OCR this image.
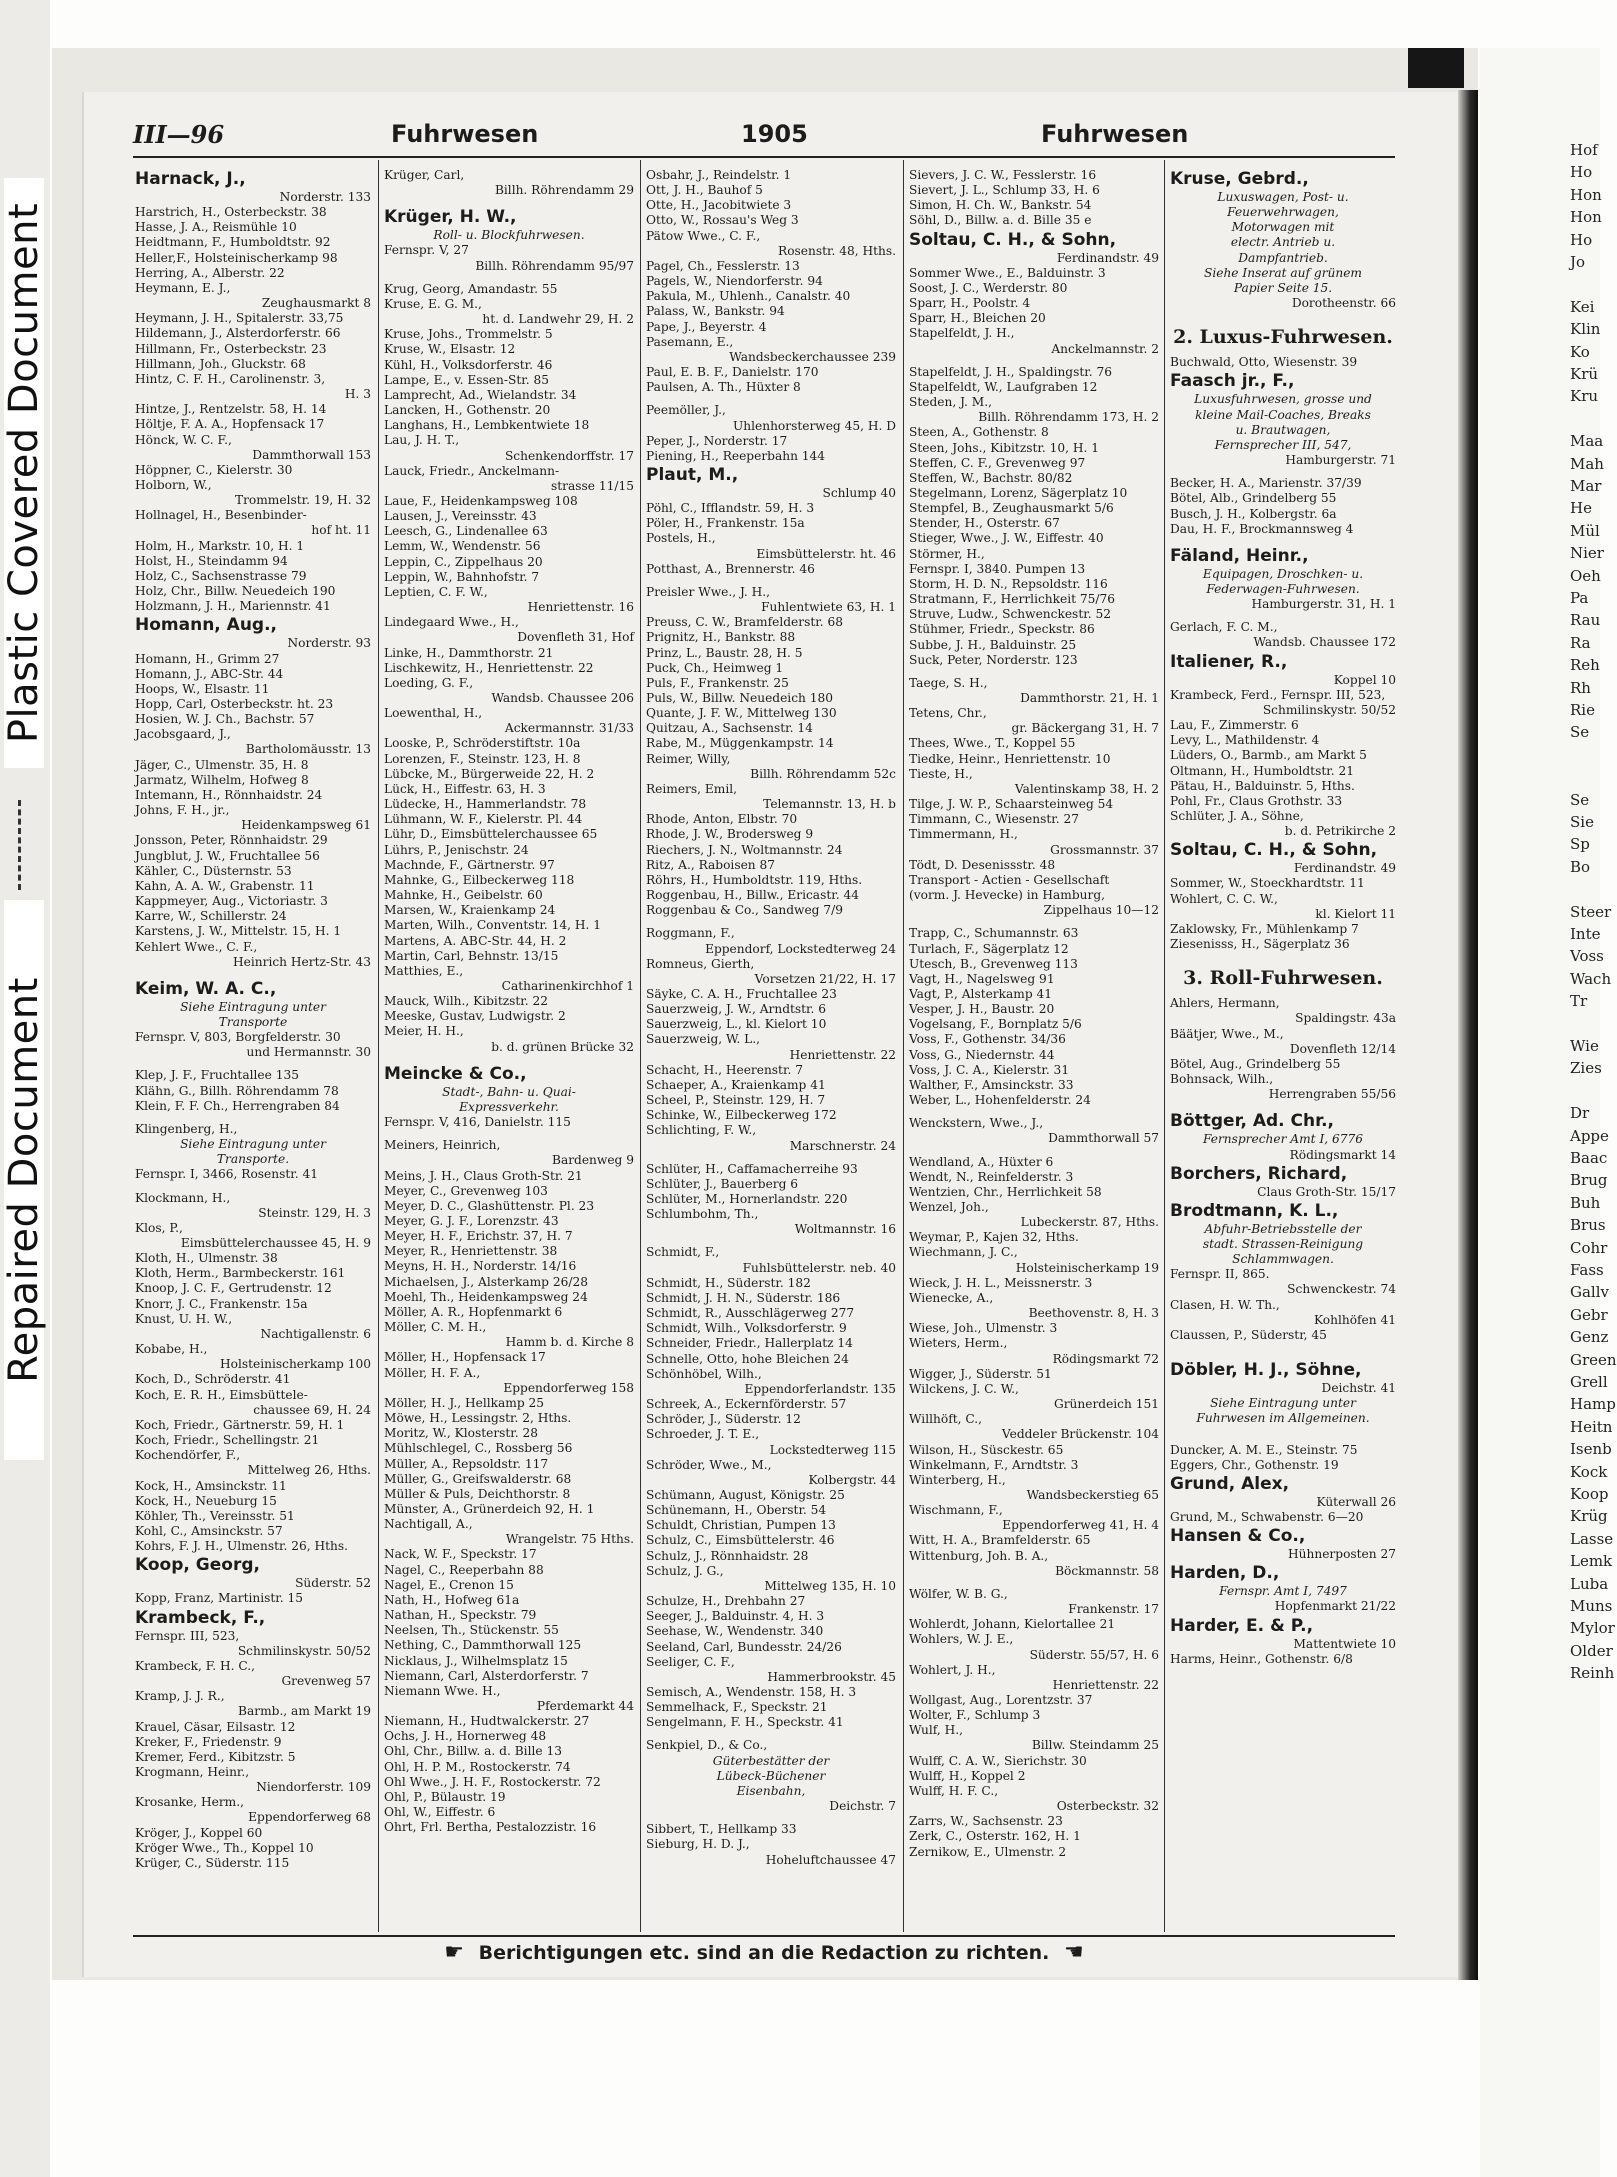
Plastic Covered Document
Repaired Document
Hof
Ho
Hon
Hon
Ho
Jo
Kei
Klin
Ko
Krü
Kru
Maa
Mah
Mar
He
Mül
Nier
Oeh
Pa
Rau
Ra
Reh
Rh
Rie
Se
Se
Sie
Sp
Bo
Steer
Inte
Voss
Wach
Tr
Wie
Zies
Dr
Appe
Baac
Brug
Buh
Brus
Cohr
Fass
Gallv
Gebr
Genz
Green
Grell
Hamp
Heitn
Isenb
Kock
Koop
Krüg
Lasse
Lemk
Luba
Muns
Mylor
Older
Reinh
III—96	Fuhrwesen	1905	Fuhrwesen
Harnack, J.,
Norderstr. 133
Harstrich, H., Osterbeckstr. 38
Hasse, J. A., Reismühle 10
Heidtmann, F., Humboldtstr. 92
Heller,F., Holsteinischerkamp 98
Herring, A., Alberstr. 22
Heymann, E. J.,
Zeughausmarkt 8
Heymann, J. H., Spitalerstr. 33,75
Hildemann, J., Alsterdorferstr. 66
Hillmann, Fr., Osterbeckstr. 23
Hillmann, Joh., Gluckstr. 68
Hintz, C. F. H., Carolinenstr. 3,
H. 3
Hintze, J., Rentzelstr. 58, H. 14
Höltje, F. A. A., Hopfensack 17
Hönck, W. C. F.,
Dammthorwall 153
Höppner, C., Kielerstr. 30
Holborn, W.,
Trommelstr. 19, H. 32
Hollnagel, H., Besenbinder-
hof ht. 11
Holm, H., Markstr. 10, H. 1
Holst, H., Steindamm 94
Holz, C., Sachsenstrasse 79
Holz, Chr., Billw. Neuedeich 190
Holzmann, J. H., Mariennstr. 41
Homann, Aug.,
Norderstr. 93
Homann, H., Grimm 27
Homann, J., ABC-Str. 44
Hoops, W., Elsastr. 11
Hopp, Carl, Osterbeckstr. ht. 23
Hosien, W. J. Ch., Bachstr. 57
Jacobsgaard, J.,
Bartholomäusstr. 13
Jäger, C., Ulmenstr. 35, H. 8
Jarmatz, Wilhelm, Hofweg 8
Intemann, H., Rönnhaidstr. 24
Johns, F. H., jr.,
Heidenkampsweg 61
Jonsson, Peter, Rönnhaidstr. 29
Jungblut, J. W., Fruchtallee 56
Kähler, C., Düsternstr. 53
Kahn, A. A. W., Grabenstr. 11
Kappmeyer, Aug., Victoriastr. 3
Karre, W., Schillerstr. 24
Karstens, J. W., Mittelstr. 15, H. 1
Kehlert Wwe., C. F.,
Heinrich Hertz-Str. 43
Keim, W. A. C.,
Siehe Eintragung unter
Transporte
Fernspr. V, 803, Borgfelderstr. 30
und Hermannstr. 30
Klep, J. F., Fruchtallee 135
Klähn, G., Billh. Röhrendamm 78
Klein, F. F. Ch., Herrengraben 84
Klingenberg, H.,
Siehe Eintragung unter
Transporte.
Fernspr. I, 3466, Rosenstr. 41
Klockmann, H.,
Steinstr. 129, H. 3
Klos, P.,
Eimsbüttelerchaussee 45, H. 9
Kloth, H., Ulmenstr. 38
Kloth, Herm., Barmbeckerstr. 161
Knoop, J. C. F., Gertrudenstr. 12
Knorr, J. C., Frankenstr. 15a
Knust, U. H. W.,
Nachtigallenstr. 6
Kobabe, H.,
Holsteinischerkamp 100
Koch, D., Schröderstr. 41
Koch, E. R. H., Eimsbüttele-
chaussee 69, H. 24
Koch, Friedr., Gärtnerstr. 59, H. 1
Koch, Friedr., Schellingstr. 21
Kochendörfer, F.,
Mittelweg 26, Hths.
Kock, H., Amsinckstr. 11
Kock, H., Neueburg 15
Köhler, Th., Vereinsstr. 51
Kohl, C., Amsinckstr. 57
Kohrs, F. J. H., Ulmenstr. 26, Hths.
Koop, Georg,
Süderstr. 52
Kopp, Franz, Martinistr. 15
Krambeck, F.,
Fernspr. III, 523,
Schmilinskystr. 50/52
Krambeck, F. H. C.,
Grevenweg 57
Kramp, J. J. R.,
Barmb., am Markt 19
Krauel, Cäsar, Eilsastr. 12
Kreker, F., Friedenstr. 9
Kremer, Ferd., Kibitzstr. 5
Krogmann, Heinr.,
Niendorferstr. 109
Krosanke, Herm.,
Eppendorferweg 68
Kröger, J., Koppel 60
Kröger Wwe., Th., Koppel 10
Krüger, C., Süderstr. 115
Krüger, Carl,
Billh. Röhrendamm 29
Krüger, H. W.,
Roll- u. Blockfuhrwesen.
Fernspr. V, 27
Billh. Röhrendamm 95/97
Krug, Georg, Amandastr. 55
Kruse, E. G. M.,
ht. d. Landwehr 29, H. 2
Kruse, Johs., Trommelstr. 5
Kruse, W., Elsastr. 12
Kühl, H., Volksdorferstr. 46
Lampe, E., v. Essen-Str. 85
Lamprecht, Ad., Wielandstr. 34
Lancken, H., Gothenstr. 20
Langhans, H., Lembkentwiete 18
Lau, J. H. T.,
Schenkendorffstr. 17
Lauck, Friedr., Anckelmann-
strasse 11/15
Laue, F., Heidenkampsweg 108
Lausen, J., Vereinsstr. 43
Leesch, G., Lindenallee 63
Lemm, W., Wendenstr. 56
Leppin, C., Zippelhaus 20
Leppin, W., Bahnhofstr. 7
Leptien, C. F. W.,
Henriettenstr. 16
Lindegaard Wwe., H.,
Dovenfleth 31, Hof
Linke, H., Dammthorstr. 21
Lischkewitz, H., Henriettenstr. 22
Loeding, G. F.,
Wandsb. Chaussee 206
Loewenthal, H.,
Ackermannstr. 31/33
Looske, P., Schröderstiftstr. 10a
Lorenzen, F., Steinstr. 123, H. 8
Lübcke, M., Bürgerweide 22, H. 2
Lück, H., Eiffestr. 63, H. 3
Lüdecke, H., Hammerlandstr. 78
Lühmann, W. F., Kielerstr. Pl. 44
Lühr, D., Eimsbüttelerchaussee 65
Lührs, P., Jenischstr. 24
Machnde, F., Gärtnerstr. 97
Mahnke, G., Eilbeckerweg 118
Mahnke, H., Geibelstr. 60
Marsen, W., Kraienkamp 24
Marten, Wilh., Conventstr. 14, H. 1
Martens, A. ABC-Str. 44, H. 2
Martin, Carl, Behnstr. 13/15
Matthies, E.,
Catharinenkirchhof 1
Mauck, Wilh., Kibitzstr. 22
Meeske, Gustav, Ludwigstr. 2
Meier, H. H.,
b. d. grünen Brücke 32
Meincke & Co.,
Stadt-, Bahn- u. Quai-
Expressverkehr.
Fernspr. V, 416, Danielstr. 115
Meiners, Heinrich,
Bardenweg 9
Meins, J. H., Claus Groth-Str. 21
Meyer, C., Grevenweg 103
Meyer, D. C., Glashüttenstr. Pl. 23
Meyer, G. J. F., Lorenzstr. 43
Meyer, H. F., Erichstr. 37, H. 7
Meyer, R., Henriettenstr. 38
Meyns, H. H., Norderstr. 14/16
Michaelsen, J., Alsterkamp 26/28
Moehl, Th., Heidenkampsweg 24
Möller, A. R., Hopfenmarkt 6
Möller, C. M. H.,
Hamm b. d. Kirche 8
Möller, H., Hopfensack 17
Möller, H. F. A.,
Eppendorferweg 158
Möller, H. J., Hellkamp 25
Möwe, H., Lessingstr. 2, Hths.
Moritz, W., Klosterstr. 28
Mühlschlegel, C., Rossberg 56
Müller, A., Repsoldstr. 117
Müller, G., Greifswalderstr. 68
Müller & Puls, Deichthorstr. 8
Münster, A., Grünerdeich 92, H. 1
Nachtigall, A.,
Wrangelstr. 75 Hths.
Nack, W. F., Speckstr. 17
Nagel, C., Reeperbahn 88
Nagel, E., Crenon 15
Nath, H., Hofweg 61a
Nathan, H., Speckstr. 79
Neelsen, Th., Stückenstr. 55
Nething, C., Dammthorwall 125
Nicklaus, J., Wilhelmsplatz 15
Niemann, Carl, Alsterdorferstr. 7
Niemann Wwe. H.,
Pferdemarkt 44
Niemann, H., Hudtwalckerstr. 27
Ochs, J. H., Hornerweg 48
Ohl, Chr., Billw. a. d. Bille 13
Ohl, H. P. M., Rostockerstr. 74
Ohl Wwe., J. H. F., Rostockerstr. 72
Ohl, P., Bülaustr. 19
Ohl, W., Eiffestr. 6
Ohrt, Frl. Bertha, Pestalozzistr. 16
Osbahr, J., Reindelstr. 1
Ott, J. H., Bauhof 5
Otte, H., Jacobitwiete 3
Otto, W., Rossau's Weg 3
Pätow Wwe., C. F.,
Rosenstr. 48, Hths.
Pagel, Ch., Fesslerstr. 13
Pagels, W., Niendorferstr. 94
Pakula, M., Uhlenh., Canalstr. 40
Palass, W., Bankstr. 94
Pape, J., Beyerstr. 4
Pasemann, E.,
Wandsbeckerchaussee 239
Paul, E. B. F., Danielstr. 170
Paulsen, A. Th., Hüxter 8
Peemöller, J.,
Uhlenhorsterweg 45, H. D
Peper, J., Norderstr. 17
Piening, H., Reeperbahn 144
Plaut, M.,
Schlump 40
Pöhl, C., Ifflandstr. 59, H. 3
Pöler, H., Frankenstr. 15a
Postels, H.,
Eimsbüttelerstr. ht. 46
Potthast, A., Brennerstr. 46
Preisler Wwe., J. H.,
Fuhlentwiete 63, H. 1
Preuss, C. W., Bramfelderstr. 68
Prignitz, H., Bankstr. 88
Prinz, L., Baustr. 28, H. 5
Puck, Ch., Heimweg 1
Puls, F., Frankenstr. 25
Puls, W., Billw. Neuedeich 180
Quante, J. F. W., Mittelweg 130
Quitzau, A., Sachsenstr. 14
Rabe, M., Müggenkampstr. 14
Reimer, Willy,
Billh. Röhrendamm 52c
Reimers, Emil,
Telemannstr. 13, H. b
Rhode, Anton, Elbstr. 70
Rhode, J. W., Brodersweg 9
Riechers, J. N., Woltmannstr. 24
Ritz, A., Raboisen 87
Röhrs, H., Humboldtstr. 119, Hths.
Roggenbau, H., Billw., Ericastr. 44
Roggenbau & Co., Sandweg 7/9
Roggmann, F.,
Eppendorf, Lockstedterweg 24
Romneus, Gierth,
Vorsetzen 21/22, H. 17
Säyke, C. A. H., Fruchtallee 23
Sauerzweig, J. W., Arndtstr. 6
Sauerzweig, L., kl. Kielort 10
Sauerzweig, W. L.,
Henriettenstr. 22
Schacht, H., Heerenstr. 7
Schaeper, A., Kraienkamp 41
Scheel, P., Steinstr. 129, H. 7
Schinke, W., Eilbeckerweg 172
Schlichting, F. W.,
Marschnerstr. 24
Schlüter, H., Caffamacherreihe 93
Schlüter, J., Bauerberg 6
Schlüter, M., Hornerlandstr. 220
Schlumbohm, Th.,
Woltmannstr. 16
Schmidt, F.,
Fuhlsbüttelerstr. neb. 40
Schmidt, H., Süderstr. 182
Schmidt, J. H. N., Süderstr. 186
Schmidt, R., Ausschlägerweg 277
Schmidt, Wilh., Volksdorferstr. 9
Schneider, Friedr., Hallerplatz 14
Schnelle, Otto, hohe Bleichen 24
Schönhöbel, Wilh.,
Eppendorferlandstr. 135
Schreek, A., Eckernförderstr. 57
Schröder, J., Süderstr. 12
Schroeder, J. T. E.,
Lockstedterweg 115
Schröder, Wwe., M.,
Kolbergstr. 44
Schümann, August, Königstr. 25
Schünemann, H., Oberstr. 54
Schuldt, Christian, Pumpen 13
Schulz, C., Eimsbüttelerstr. 46
Schulz, J., Rönnhaidstr. 28
Schulz, J. G.,
Mittelweg 135, H. 10
Schulze, H., Drehbahn 27
Seeger, J., Balduinstr. 4, H. 3
Seehase, W., Wendenstr. 340
Seeland, Carl, Bundesstr. 24/26
Seeliger, C. F.,
Hammerbrookstr. 45
Semisch, A., Wendenstr. 158, H. 3
Semmelhack, F., Speckstr. 21
Sengelmann, F. H., Speckstr. 41
Senkpiel, D., & Co.,
Güterbestätter der
Lübeck-Büchener
Eisenbahn,
Deichstr. 7
Sibbert, T., Hellkamp 33
Sieburg, H. D. J.,
Hoheluftchaussee 47
Sievers, J. C. W., Fesslerstr. 16
Sievert, J. L., Schlump 33, H. 6
Simon, H. Ch. W., Bankstr. 54
Söhl, D., Billw. a. d. Bille 35 e
Soltau, C. H., & Sohn,
Ferdinandstr. 49
Sommer Wwe., E., Balduinstr. 3
Soost, J. C., Werderstr. 80
Sparr, H., Poolstr. 4
Sparr, H., Bleichen 20
Stapelfeldt, J. H.,
Anckelmannstr. 2
Stapelfeldt, J. H., Spaldingstr. 76
Stapelfeldt, W., Laufgraben 12
Steden, J. M.,
Billh. Röhrendamm 173, H. 2
Steen, A., Gothenstr. 8
Steen, Johs., Kibitzstr. 10, H. 1
Steffen, C. F., Grevenweg 97
Steffen, W., Bachstr. 80/82
Stegelmann, Lorenz, Sägerplatz 10
Stempfel, B., Zeughausmarkt 5/6
Stender, H., Osterstr. 67
Stieger, Wwe., J. W., Eiffestr. 40
Störmer, H.,
Fernspr. I, 3840. Pumpen 13
Storm, H. D. N., Repsoldstr. 116
Stratmann, F., Herrlichkeit 75/76
Struve, Ludw., Schwenckestr. 52
Stühmer, Friedr., Speckstr. 86
Subbe, J. H., Balduinstr. 25
Suck, Peter, Norderstr. 123
Taege, S. H.,
Dammthorstr. 21, H. 1
Tetens, Chr.,
gr. Bäckergang 31, H. 7
Thees, Wwe., T., Koppel 55
Tiedke, Heinr., Henriettenstr. 10
Tieste, H.,
Valentinskamp 38, H. 2
Tilge, J. W. P., Schaarsteinweg 54
Timmann, C., Wiesenstr. 27
Timmermann, H.,
Grossmannstr. 37
Tödt, D. Desenissstr. 48
Transport - Actien - Gesellschaft
(vorm. J. Hevecke) in Hamburg,
Zippelhaus 10—12
Trapp, C., Schumannstr. 63
Turlach, F., Sägerplatz 12
Utesch, B., Grevenweg 113
Vagt, H., Nagelsweg 91
Vagt, P., Alsterkamp 41
Vesper, J. H., Baustr. 20
Vogelsang, F., Bornplatz 5/6
Voss, F., Gothenstr. 34/36
Voss, G., Niedernstr. 44
Voss, J. C. A., Kielerstr. 31
Walther, F., Amsinckstr. 33
Weber, L., Hohenfelderstr. 24
Wenckstern, Wwe., J.,
Dammthorwall 57
Wendland, A., Hüxter 6
Wendt, N., Reinfelderstr. 3
Wentzien, Chr., Herrlichkeit 58
Wenzel, Joh.,
Lubeckerstr. 87, Hths.
Weymar, P., Kajen 32, Hths.
Wiechmann, J. C.,
Holsteinischerkamp 19
Wieck, J. H. L., Meissnerstr. 3
Wienecke, A.,
Beethovenstr. 8, H. 3
Wiese, Joh., Ulmenstr. 3
Wieters, Herm.,
Rödingsmarkt 72
Wigger, J., Süderstr. 51
Wilckens, J. C. W.,
Grünerdeich 151
Willhöft, C.,
Veddeler Brückenstr. 104
Wilson, H., Süsckestr. 65
Winkelmann, F., Arndtstr. 3
Winterberg, H.,
Wandsbeckerstieg 65
Wischmann, F.,
Eppendorferweg 41, H. 4
Witt, H. A., Bramfelderstr. 65
Wittenburg, Joh. B. A.,
Böckmannstr. 58
Wölfer, W. B. G.,
Frankenstr. 17
Wohlerdt, Johann, Kielortallee 21
Wohlers, W. J. E.,
Süderstr. 55/57, H. 6
Wohlert, J. H.,
Henriettenstr. 22
Wollgast, Aug., Lorentzstr. 37
Wolter, F., Schlump 3
Wulf, H.,
Billw. Steindamm 25
Wulff, C. A. W., Sierichstr. 30
Wulff, H., Koppel 2
Wulff, H. F. C.,
Osterbeckstr. 32
Zarrs, W., Sachsenstr. 23
Zerk, C., Osterstr. 162, H. 1
Zernikow, E., Ulmenstr. 2
Kruse, Gebrd.,
Luxuswagen, Post- u.
Feuerwehrwagen,
Motorwagen mit
electr. Antrieb u.
Dampfantrieb.
Siehe Inserat auf grünem
Papier Seite 15.
Dorotheenstr. 66
2. Luxus-Fuhrwesen.
Buchwald, Otto, Wiesenstr. 39
Faasch jr., F.,
Luxusfuhrwesen, grosse und
kleine Mail-Coaches, Breaks
u. Brautwagen,
Fernsprecher III, 547,
Hamburgerstr. 71
Becker, H. A., Marienstr. 37/39
Bötel, Alb., Grindelberg 55
Busch, J. H., Kolbergstr. 6a
Dau, H. F., Brockmannsweg 4
Fäland, Heinr.,
Equipagen, Droschken- u.
Federwagen-Fuhrwesen.
Hamburgerstr. 31, H. 1
Gerlach, F. C. M.,
Wandsb. Chaussee 172
Italiener, R.,
Koppel 10
Krambeck, Ferd., Fernspr. III, 523,
Schmilinskystr. 50/52
Lau, F., Zimmerstr. 6
Levy, L., Mathildenstr. 4
Lüders, O., Barmb., am Markt 5
Oltmann, H., Humboldtstr. 21
Pätau, H., Balduinstr. 5, Hths.
Pohl, Fr., Claus Grothstr. 33
Schlüter, J. A., Söhne,
b. d. Petrikirche 2
Soltau, C. H., & Sohn,
Ferdinandstr. 49
Sommer, W., Stoeckhardtstr. 11
Wohlert, C. C. W.,
kl. Kielort 11
Zaklowsky, Fr., Mühlenkamp 7
Ziesenisss, H., Sägerplatz 36
3. Roll-Fuhrwesen.
Ahlers, Hermann,
Spaldingstr. 43a
Bäätjer, Wwe., M.,
Dovenfleth 12/14
Bötel, Aug., Grindelberg 55
Bohnsack, Wilh.,
Herrengraben 55/56
Böttger, Ad. Chr.,
Fernsprecher Amt I, 6776
Rödingsmarkt 14
Borchers, Richard,
Claus Groth-Str. 15/17
Brodtmann, K. L.,
Abfuhr-Betriebsstelle der
stadt. Strassen-Reinigung
Schlammwagen.
Fernspr. II, 865.
Schwenckestr. 74
Clasen, H. W. Th.,
Kohlhöfen 41
Claussen, P., Süderstr, 45
Döbler, H. J., Söhne,
Deichstr. 41
Siehe Eintragung unter
Fuhrwesen im Allgemeinen.
Duncker, A. M. E., Steinstr. 75
Eggers, Chr., Gothenstr. 19
Grund, Alex,
Küterwall 26
Grund, M., Schwabenstr. 6—20
Hansen & Co.,
Hühnerposten 27
Harden, D.,
Fernspr. Amt I, 7497
Hopfenmarkt 21/22
Harder, E. & P.,
Mattentwiete 10
Harms, Heinr., Gothenstr. 6/8
☛ Berichtigungen etc. sind an die Redaction zu richten. ☚
